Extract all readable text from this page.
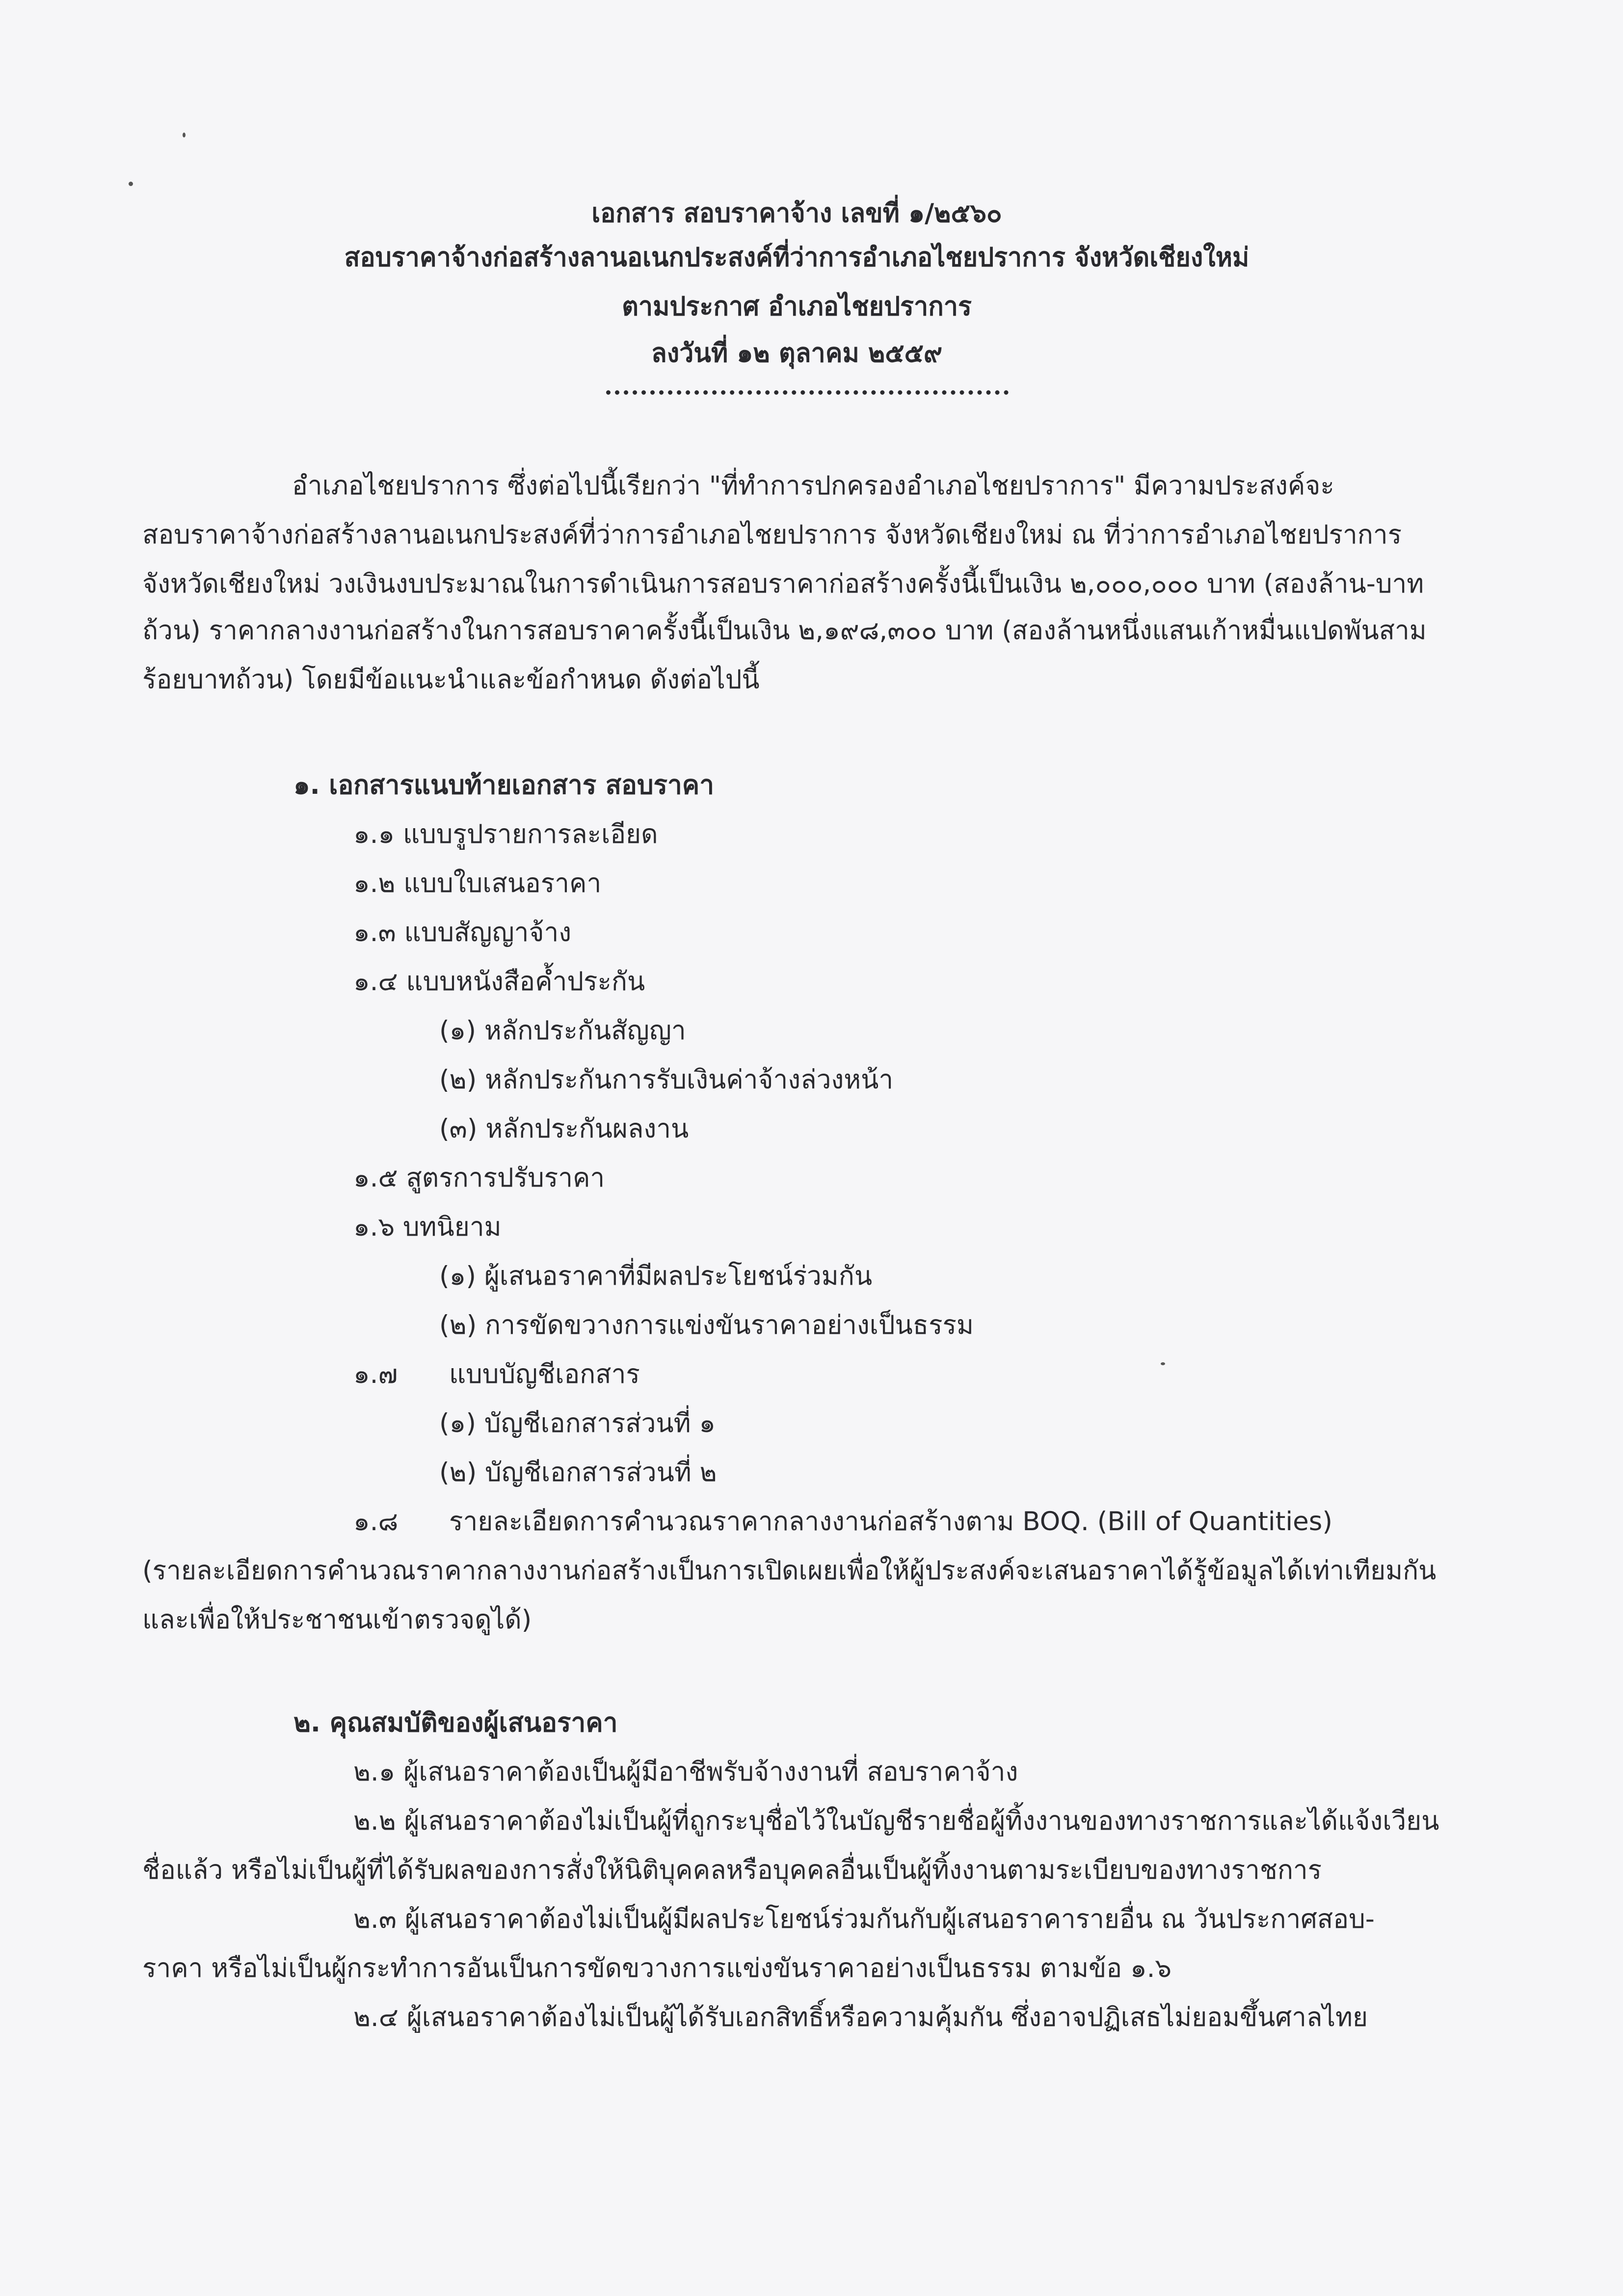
เอกสาร สอบราคาจ้าง เลขที่ ๑/๒๕๖๐
สอบราคาจ้างก่อสร้างลานอเนกประสงค์ที่ว่าการอำเภอไชยปราการ จังหวัดเชียงใหม่
ตามประกาศ อำเภอไชยปราการ
ลงวันที่ ๑๒ ตุลาคม ๒๕๕๙
อำเภอไชยปราการ ซึ่งต่อไปนี้เรียกว่า "ที่ทำการปกครองอำเภอไชยปราการ" มีความประสงค์จะ
สอบราคาจ้างก่อสร้างลานอเนกประสงค์ที่ว่าการอำเภอไชยปราการ จังหวัดเชียงใหม่ ณ ที่ว่าการอำเภอไชยปราการ
จังหวัดเชียงใหม่ วงเงินงบประมาณในการดำเนินการสอบราคาก่อสร้างครั้งนี้เป็นเงิน ๒,๐๐๐,๐๐๐ บาท (สองล้าน-บาท
ถ้วน) ราคากลางงานก่อสร้างในการสอบราคาครั้งนี้เป็นเงิน ๒,๑๙๘,๓๐๐ บาท (สองล้านหนึ่งแสนเก้าหมื่นแปดพันสาม
ร้อยบาทถ้วน) โดยมีข้อแนะนำและข้อกำหนด ดังต่อไปนี้
๑. เอกสารแนบท้ายเอกสาร สอบราคา
๑.๑ แบบรูปรายการละเอียด
๑.๒ แบบใบเสนอราคา
๑.๓ แบบสัญญาจ้าง
๑.๔ แบบหนังสือค้ำประกัน
(๑) หลักประกันสัญญา
(๒) หลักประกันการรับเงินค่าจ้างล่วงหน้า
(๓) หลักประกันผลงาน
๑.๕ สูตรการปรับราคา
๑.๖ บทนิยาม
(๑) ผู้เสนอราคาที่มีผลประโยชน์ร่วมกัน
(๒) การขัดขวางการแข่งขันราคาอย่างเป็นธรรม
๑.๗ แบบบัญชีเอกสาร
(๑) บัญชีเอกสารส่วนที่ ๑
(๒) บัญชีเอกสารส่วนที่ ๒
๑.๘ รายละเอียดการคำนวณราคากลางงานก่อสร้างตาม BOQ. (Bill of Quantities)
(รายละเอียดการคำนวณราคากลางงานก่อสร้างเป็นการเปิดเผยเพื่อให้ผู้ประสงค์จะเสนอราคาได้รู้ข้อมูลได้เท่าเทียมกัน
และเพื่อให้ประชาชนเข้าตรวจดูได้)
๒. คุณสมบัติของผู้เสนอราคา
๒.๑ ผู้เสนอราคาต้องเป็นผู้มีอาชีพรับจ้างงานที่ สอบราคาจ้าง
๒.๒ ผู้เสนอราคาต้องไม่เป็นผู้ที่ถูกระบุชื่อไว้ในบัญชีรายชื่อผู้ทิ้งงานของทางราชการและได้แจ้งเวียน
ชื่อแล้ว หรือไม่เป็นผู้ที่ได้รับผลของการสั่งให้นิติบุคคลหรือบุคคลอื่นเป็นผู้ทิ้งงานตามระเบียบของทางราชการ
๒.๓ ผู้เสนอราคาต้องไม่เป็นผู้มีผลประโยชน์ร่วมกันกับผู้เสนอราคารายอื่น ณ วันประกาศสอบ-
ราคา หรือไม่เป็นผู้กระทำการอันเป็นการขัดขวางการแข่งขันราคาอย่างเป็นธรรม ตามข้อ ๑.๖
๒.๔ ผู้เสนอราคาต้องไม่เป็นผู้ได้รับเอกสิทธิ์หรือความคุ้มกัน ซึ่งอาจปฏิเสธไม่ยอมขึ้นศาลไทย
